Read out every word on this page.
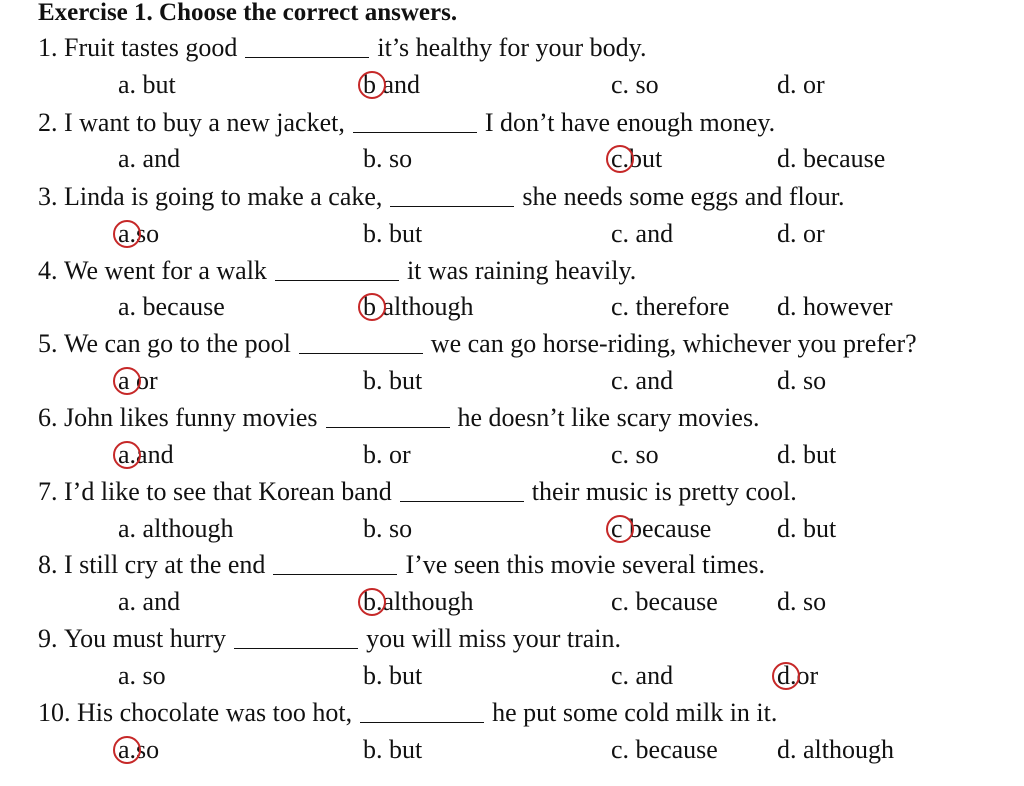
Exercise 1. Choose the correct answers.
1. Fruit tastes good	it’s healthy for your body.
a. but	b and	c. so	d. or
2. I want to buy a new jacket,	I don’t have enough money.
a. and	b. so	c.but	d. because
3. Linda is going to make a cake,	she needs some eggs and flour.
a.so	b. but	c. and	d. or
4. We went for a walk	it was raining heavily.
a. because	b although	c. therefore d. however
5. We can go to the pool	we can go horse-riding, whichever you prefer?
a or	b. but	c. and	d. so
6. John likes funny movies	he doesn’t like scary movies.
a.and	b. or	c. so	d. but
7. I’d like to see that Korean band	their music is pretty cool.
a. although	b. so	c because	d. but
8. I still cry at the end	I’ve seen this movie several times.
a. and	b.although	c. because d. so
9. You must hurry	you will miss your train.
a. so	b. but	c. and	d.or
10. His chocolate was too hot,	he put some cold milk in it.
a.so	b. but	c. because d. although
